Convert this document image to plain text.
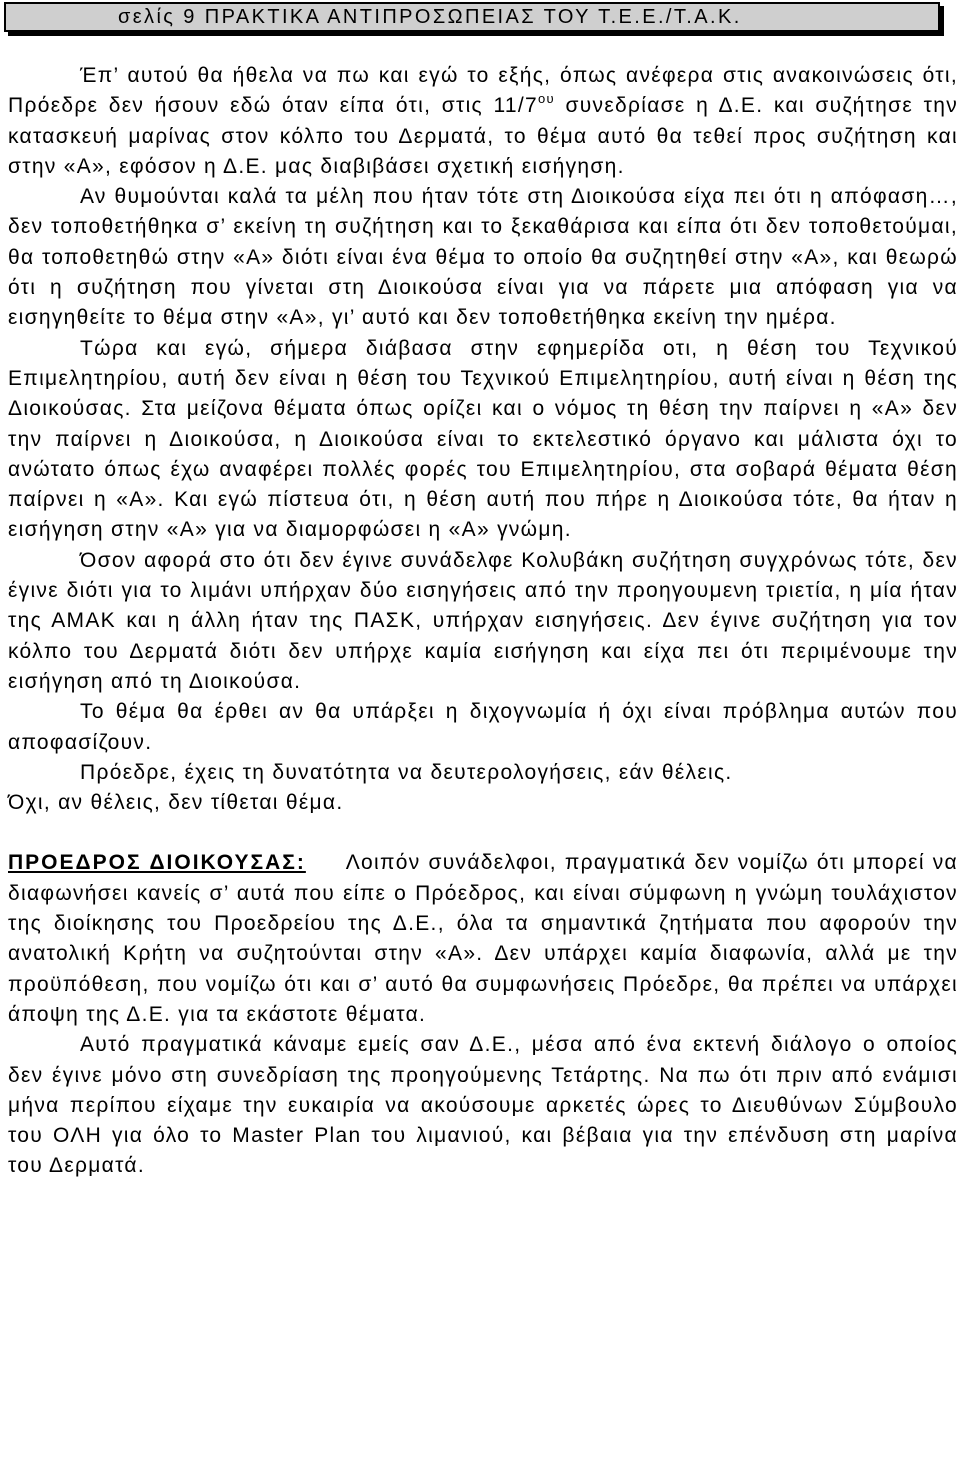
σελίς 9 ΠΡΑΚΤΙΚΑ ΑΝΤΙΠΡΟΣΩΠΕΙΑΣ ΤΟΥ Τ.Ε.Ε./Τ.Α.Κ.

Έπ’ αυτού θα ήθελα να πω και εγώ το εξής, όπως ανέφερα στις ανακοινώσεις ότι, Πρόεδρε δεν ήσουν εδώ όταν είπα ότι, στις $11/7^{o\upsilon}$ συνεδρίασε η Δ.Ε. και συζήτησε την κατασκευή μαρίνας στον κόλπο του Δερματά, το θέμα αυτό θα τεθεί προς συζήτηση και στην «Α», εφόσον η Δ.Ε. μας διαβιβάσει σχετική εισήγηση.

Αν θυμούνται καλά τα μέλη που ήταν τότε στη Διοικούσα είχα πει ότι η απόφαση…, δεν τοποθετήθηκα σ’ εκείνη τη συζήτηση και το ξεκαθάρισα και είπα ότι δεν τοποθετούμαι, θα τοποθετηθώ στην «Α» διότι είναι ένα θέμα το οποίο θα συζητηθεί στην «Α», και θεωρώ ότι η συζήτηση που γίνεται στη Διοικούσα είναι για να πάρετε μια απόφαση για να εισηγηθείτε το θέμα στην «Α», γι’ αυτό και δεν τοποθετήθηκα εκείνη την ημέρα.

Τώρα και εγώ, σήμερα διάβασα στην εφημερίδα οτι, η θέση του Τεχνικού Επιμελητηρίου, αυτή δεν είναι η θέση του Τεχνικού Επιμελητηρίου, αυτή είναι η θέση της Διοικούσας. Στα μείζονα θέματα όπως ορίζει και ο νόμος τη θέση την παίρνει η «Α» δεν την παίρνει η Διοικούσα, η Διοικούσα είναι το εκτελεστικό όργανο και μάλιστα όχι το ανώτατο όπως έχω αναφέρει πολλές φορές του Επιμελητηρίου, στα σοβαρά θέματα θέση παίρνει η «Α». Και εγώ πίστευα ότι, η θέση αυτή που πήρε η Διοικούσα τότε, θα ήταν η εισήγηση στην «Α» για να διαμορφώσει η «Α» γνώμη.

Όσον αφορά στο ότι δεν έγινε συνάδελφε Κολυβάκη συζήτηση συγχρόνως τότε, δεν έγινε διότι για το λιμάνι υπήρχαν δύο εισηγήσεις από την προηγουμενη τριετία, η μία ήταν της ΑΜΑΚ και η άλλη ήταν της ΠΑΣΚ, υπήρχαν εισηγήσεις. Δεν έγινε συζήτηση για τον κόλπο του Δερματά διότι δεν υπήρχε καμία εισήγηση και είχα πει ότι περιμένουμε την εισήγηση από τη Διοικούσα.

Το θέμα θα έρθει αν θα υπάρξει η διχογνωμία ή όχι είναι πρόβλημα αυτών που αποφασίζουν.

Πρόεδρε, έχεις τη δυνατότητα να δευτερολογήσεις, εάν θέλεις.

Όχι, αν θέλεις, δεν τίθεται θέμα.

ΠΡΟΕΔΡΟΣ ΔΙΟΙΚΟΥΣΑΣ: Λοιπόν συνάδελφοι, πραγματικά δεν νομίζω ότι μπορεί να διαφωνήσει κανείς σ’ αυτά που είπε ο Πρόεδρος, και είναι σύμφωνη η γνώμη τουλάχιστον της διοίκησης του Προεδρείου της Δ.Ε., όλα τα σημαντικά ζητήματα που αφορούν την ανατολική Κρήτη να συζητούνται στην «Α». Δεν υπάρχει καμία διαφωνία, αλλά με την προϋπόθεση, που νομίζω ότι και σ’ αυτό θα συμφωνήσεις Πρόεδρε, θα πρέπει να υπάρχει άποψη της Δ.Ε. για τα εκάστοτε θέματα.

Αυτό πραγματικά κάναμε εμείς σαν Δ.Ε., μέσα από ένα εκτενή διάλογο ο οποίος δεν έγινε μόνο στη συνεδρίαση της προηγούμενης Τετάρτης. Να πω ότι πριν από ενάμισι μήνα περίπου είχαμε την ευκαιρία να ακούσουμε αρκετές ώρες το Διευθύνων Σύμβουλο του ΟΛΗ για όλο το Master Plan του λιμανιού, και βέβαια για την επένδυση στη μαρίνα του Δερματά.
